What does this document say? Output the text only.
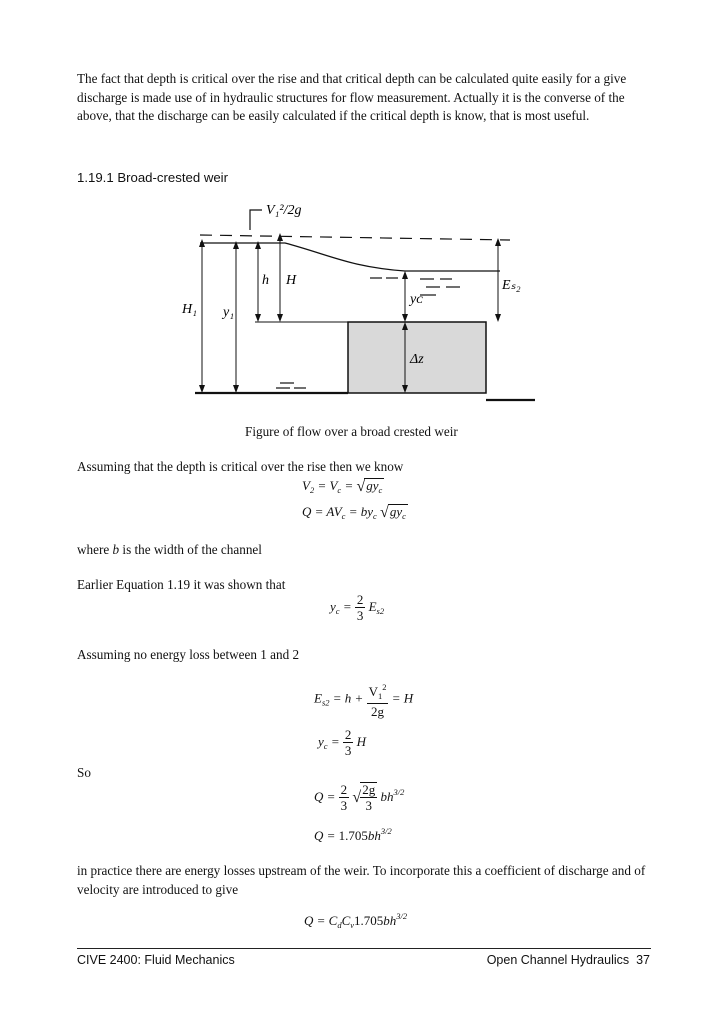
The fact that depth is critical over the rise and that critical depth can be calculated quite easily for a give discharge is made use of in hydraulic structures for flow measurement. Actually it is the converse of the above, that the discharge can be easily calculated if the critical depth is know, that is most useful.
1.19.1 Broad-crested weir
V₁²/2g
h H
H₁ y₁
yᴄ
Eₛ₂
Δz
Figure of flow over a broad crested weir
Assuming that the depth is critical over the rise then we know
$V_2 = V_c = √gy_c$
$Q = AV_c = by_c$ $√gy_c$
where b is the width of the channel
Earlier Equation 1.19 it was shown that
$y_c = \frac{2}{3} E_{s2}$
Assuming no energy loss between 1 and 2
$E_{s2} = h + \frac{V_1^2}{2g} = H$
$y_c = \frac{2}{3}$ H
So
$Q = \frac{2}{3}$ √ $\frac{2g}{3} bh^{3/2}$
$Q = 1.705bh^{3/2}$
in practice there are energy losses upstream of the weir. To incorporate this a coefficient of discharge and of velocity are introduced to give
$Q = C_dC_v1.705bh^{3/2}$
CIVE 2400: Fluid Mechanics	Open Channel Hydraulics 37
